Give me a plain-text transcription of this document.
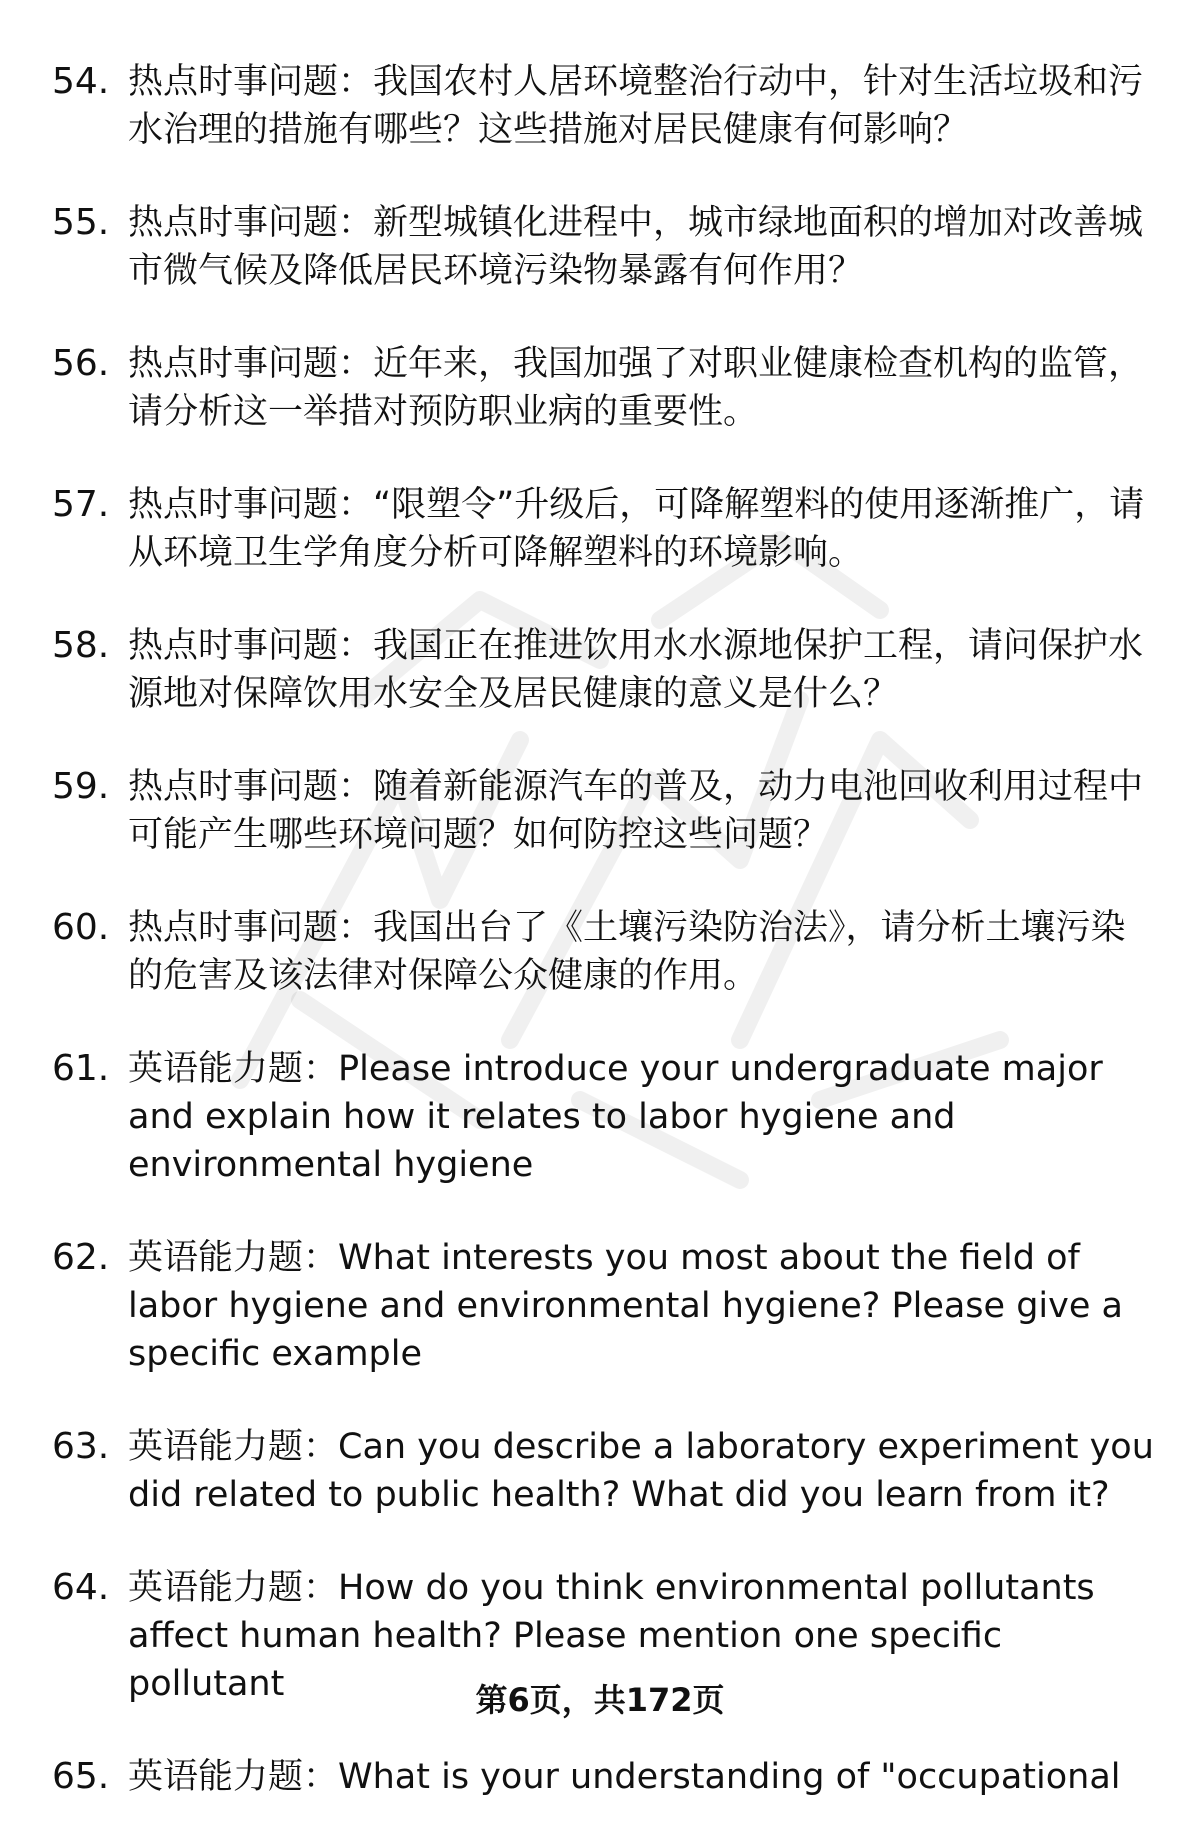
54. 热点时事问题：我国农村人居环境整治行动中，针对生活垃圾和污水治理的措施有哪些？这些措施对居民健康有何影响？
55. 热点时事问题：新型城镇化进程中，城市绿地面积的增加对改善城市微气候及降低居民环境污染物暴露有何作用？
56. 热点时事问题：近年来，我国加强了对职业健康检查机构的监管，请分析这一举措对预防职业病的重要性。
57. 热点时事问题：“限塑令”升级后，可降解塑料的使用逐渐推广，请从环境卫生学角度分析可降解塑料的环境影响。
58. 热点时事问题：我国正在推进饮用水水源地保护工程，请问保护水源地对保障饮用水安全及居民健康的意义是什么？
59. 热点时事问题：随着新能源汽车的普及，动力电池回收利用过程中可能产生哪些环境问题？如何防控这些问题？
60. 热点时事问题：我国出台了《土壤污染防治法》，请分析土壤污染的危害及该法律对保障公众健康的作用。
61. 英语能力题：Please introduce your undergraduate major and explain how it relates to labor hygiene and environmental hygiene
62. 英语能力题：What interests you most about the field of labor hygiene and environmental hygiene? Please give a specific example
63. 英语能力题：Can you describe a laboratory experiment you did related to public health? What did you learn from it?
64. 英语能力题：How do you think environmental pollutants affect human health? Please mention one specific pollutant
65. 英语能力题：What is your understanding of "occupational
第6页，共172页
